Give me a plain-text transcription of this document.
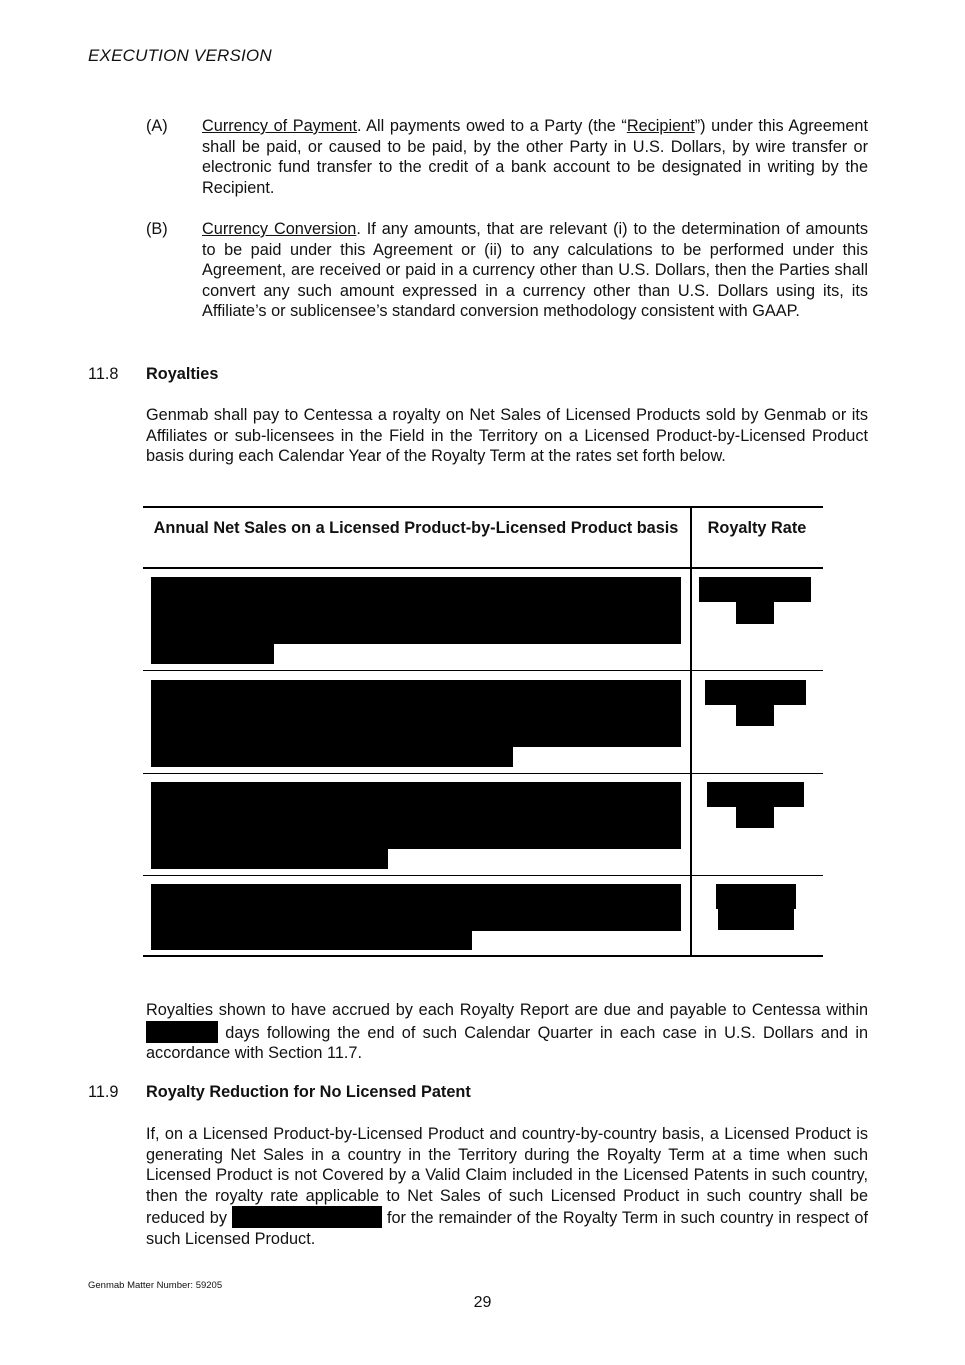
EXECUTION VERSION
(A) Currency of Payment. All payments owed to a Party (the “Recipient”) under this Agreement shall be paid, or caused to be paid, by the other Party in U.S. Dollars, by wire transfer or electronic fund transfer to the credit of a bank account to be designated in writing by the Recipient.
(B) Currency Conversion. If any amounts, that are relevant (i) to the determination of amounts to be paid under this Agreement or (ii) to any calculations to be performed under this Agreement, are received or paid in a currency other than U.S. Dollars, then the Parties shall convert any such amount expressed in a currency other than U.S. Dollars using its, its Affiliate’s or sublicensee’s standard conversion methodology consistent with GAAP.
11.8 Royalties
Genmab shall pay to Centessa a royalty on Net Sales of Licensed Products sold by Genmab or its Affiliates or sub-licensees in the Field in the Territory on a Licensed Product-by-Licensed Product basis during each Calendar Year of the Royalty Term at the rates set forth below.
Annual Net Sales on a Licensed Product-by-Licensed Product basis	Royalty Rate
Royalties shown to have accrued by each Royalty Report are due and payable to Centessa within  days following the end of such Calendar Quarter in each case in U.S. Dollars and in accordance with Section 11.7.
11.9 Royalty Reduction for No Licensed Patent
If, on a Licensed Product-by-Licensed Product and country-by-country basis, a Licensed Product is generating Net Sales in a country in the Territory during the Royalty Term at a time when such Licensed Product is not Covered by a Valid Claim included in the Licensed Patents in such country, then the royalty rate applicable to Net Sales of such Licensed Product in such country shall be reduced by	for the remainder of the Royalty Term in such country in respect of such Licensed Product.
Genmab Matter Number: 59205
29
